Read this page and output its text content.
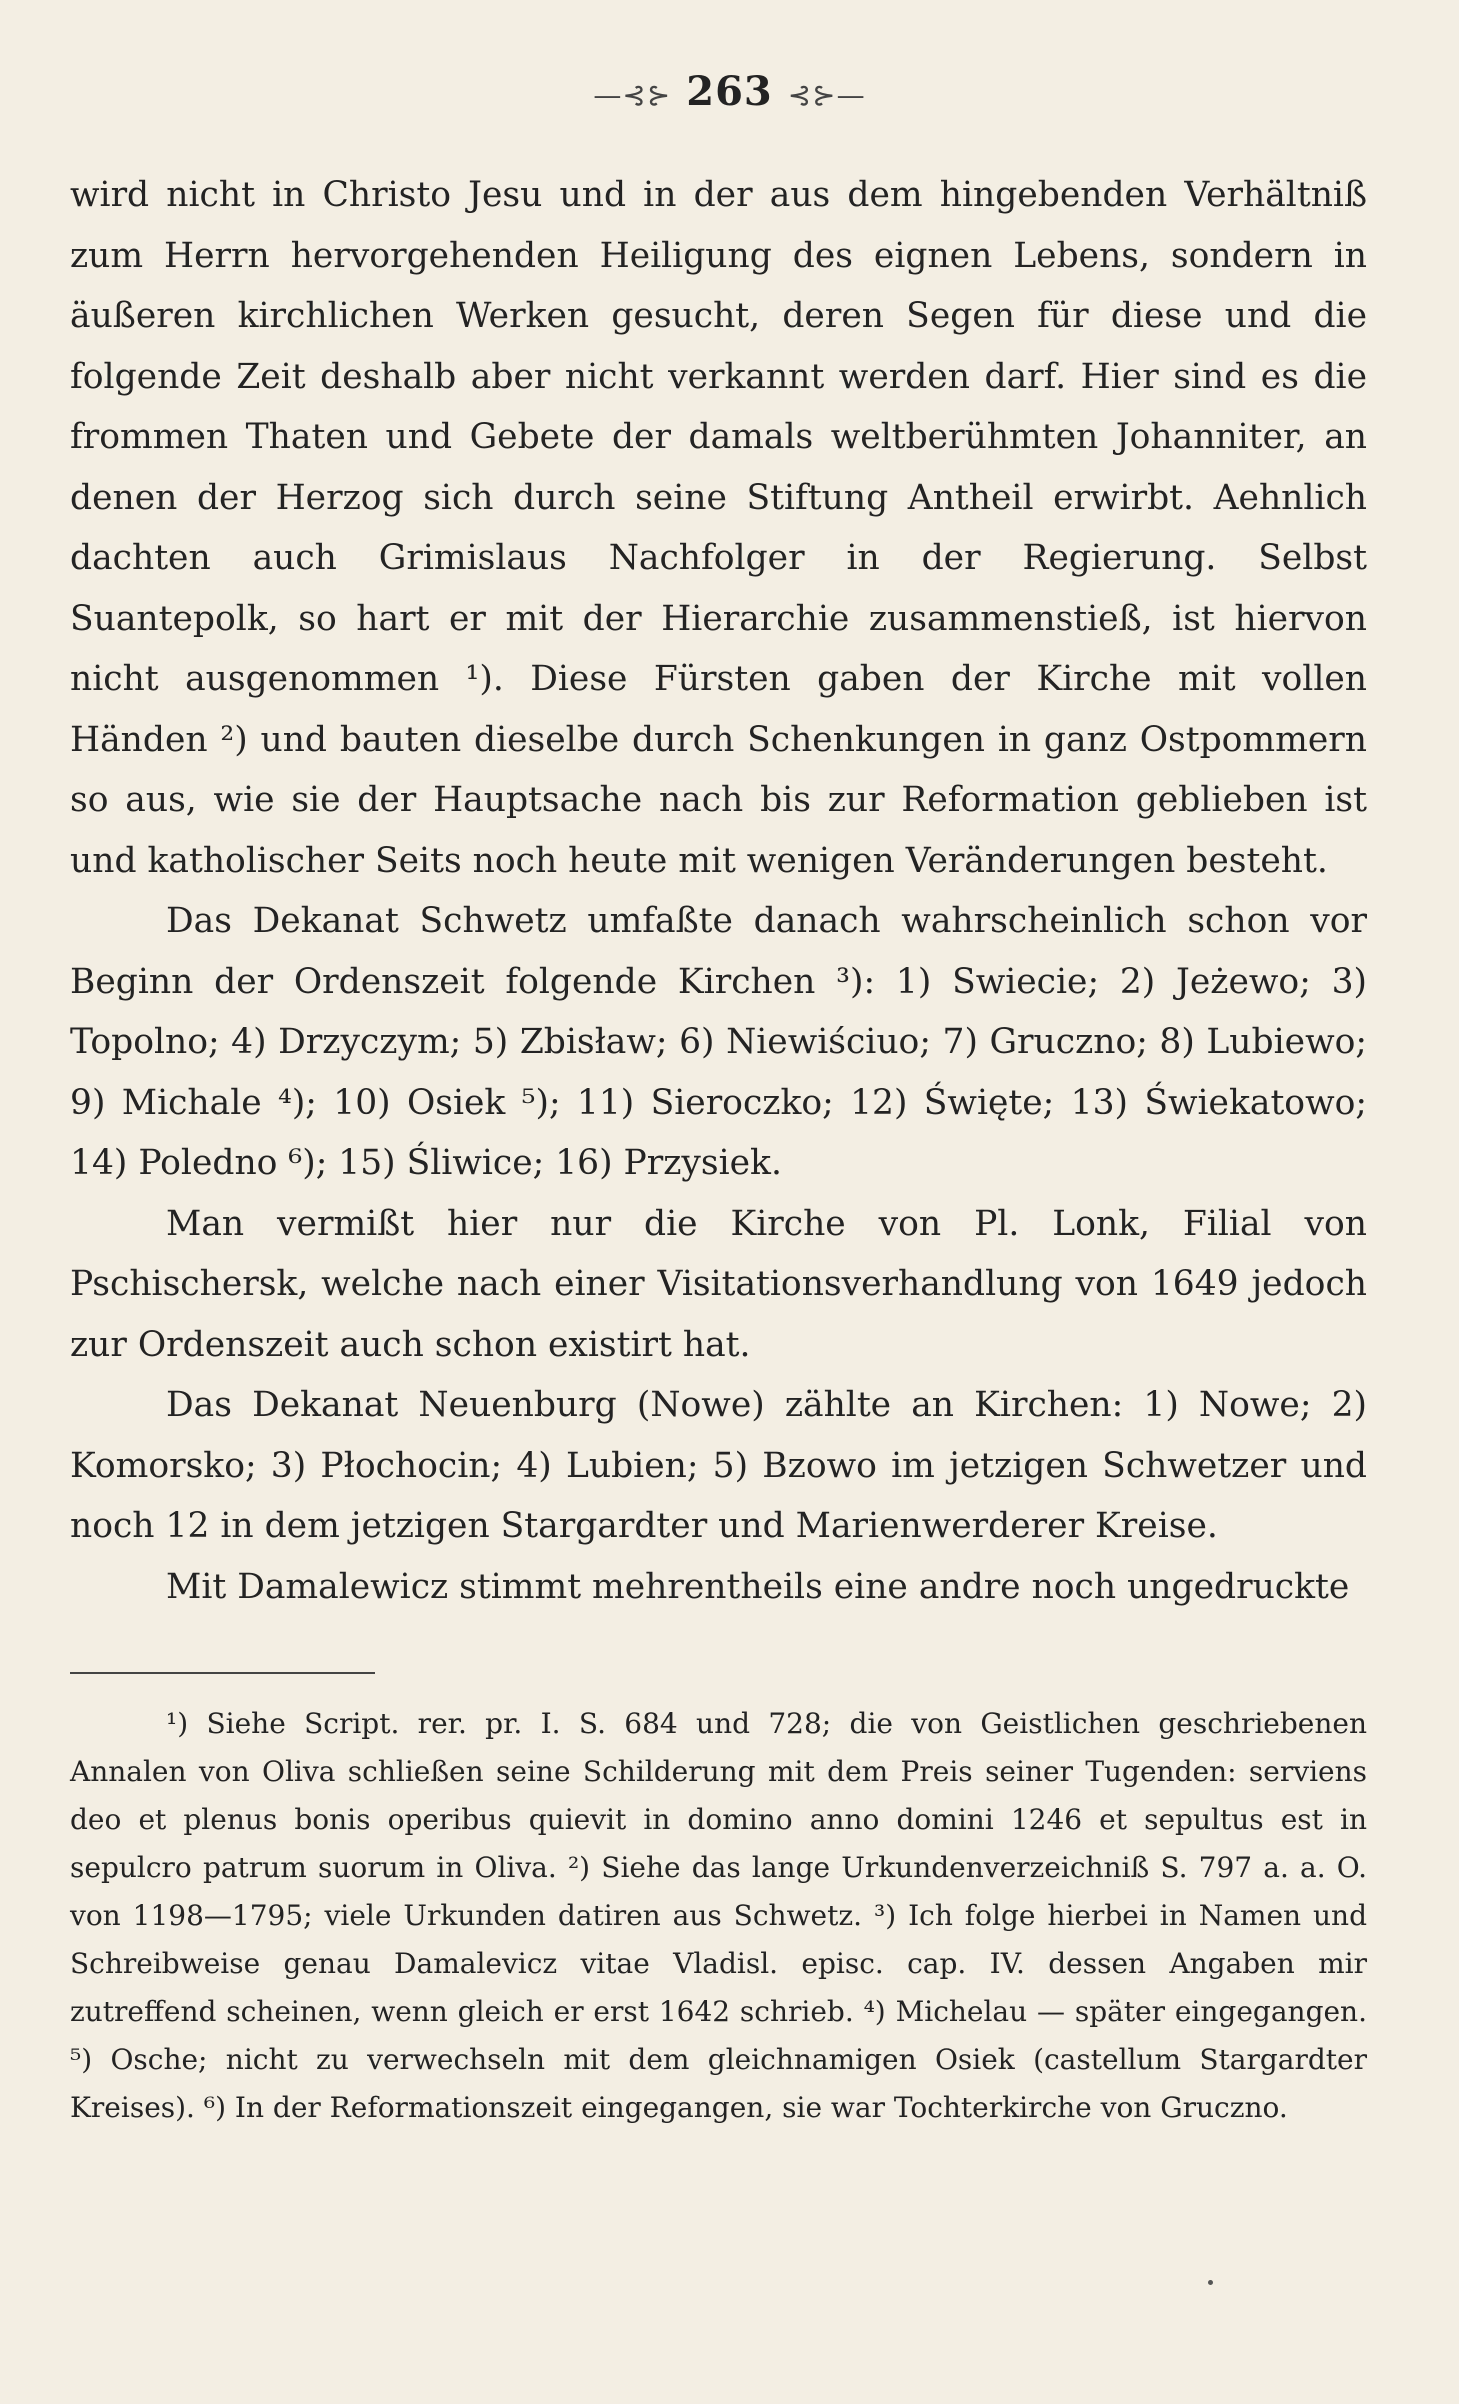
—⊰⊱ 263 ⊰⊱—

wird nicht in Christo Jesu und in der aus dem hingebenden Verhältniß zum Herrn hervorgehenden Heiligung des eignen Lebens, sondern in äußeren kirchlichen Werken gesucht, deren Segen für diese und die folgende Zeit deshalb aber nicht verkannt werden darf. Hier sind es die frommen Thaten und Gebete der damals weltberühmten Johanniter, an denen der Herzog sich durch seine Stiftung Antheil erwirbt. Aehnlich dachten auch Grimislaus Nachfolger in der Regierung. Selbst Suantepolk, so hart er mit der Hierarchie zusammenstieß, ist hiervon nicht ausgenommen ¹). Diese Fürsten gaben der Kirche mit vollen Händen ²) und bauten dieselbe durch Schenkungen in ganz Ostpommern so aus, wie sie der Hauptsache nach bis zur Reformation geblieben ist und katholischer Seits noch heute mit wenigen Veränderungen besteht.

Das Dekanat Schwetz umfaßte danach wahrscheinlich schon vor Beginn der Ordenszeit folgende Kirchen ³): 1) Swiecie; 2) Jeżewo; 3) Topolno; 4) Drzyczym; 5) Zbisław; 6) Niewiściuo; 7) Gruczno; 8) Lubiewo; 9) Michale ⁴); 10) Osiek ⁵); 11) Sieroczko; 12) Święte; 13) Świekatowo; 14) Poledno ⁶); 15) Śliwice; 16) Przysiek.

Man vermißt hier nur die Kirche von Pl. Lonk, Filial von Pschischersk, welche nach einer Visitationsverhandlung von 1649 jedoch zur Ordenszeit auch schon existirt hat.

Das Dekanat Neuenburg (Nowe) zählte an Kirchen: 1) Nowe; 2) Komorsko; 3) Płochocin; 4) Lubien; 5) Bzowo im jetzigen Schwetzer und noch 12 in dem jetzigen Stargardter und Marienwerderer Kreise.

Mit Damalewicz stimmt mehrentheils eine andre noch ungedruckte

¹) Siehe Script. rer. pr. I. S. 684 und 728; die von Geistlichen geschriebenen Annalen von Oliva schließen seine Schilderung mit dem Preis seiner Tugenden: serviens deo et plenus bonis operibus quievit in domino anno domini 1246 et sepultus est in sepulcro patrum suorum in Oliva. ²) Siehe das lange Urkundenverzeichniß S. 797 a. a. O. von 1198—1795; viele Urkunden datiren aus Schwetz. ³) Ich folge hierbei in Namen und Schreibweise genau Damalevicz vitae Vladisl. episc. cap. IV. dessen Angaben mir zutreffend scheinen, wenn gleich er erst 1642 schrieb. ⁴) Michelau — später eingegangen. ⁵) Osche; nicht zu verwechseln mit dem gleichnamigen Osiek (castellum Stargardter Kreises). ⁶) In der Reformationszeit eingegangen, sie war Tochterkirche von Gruczno.
